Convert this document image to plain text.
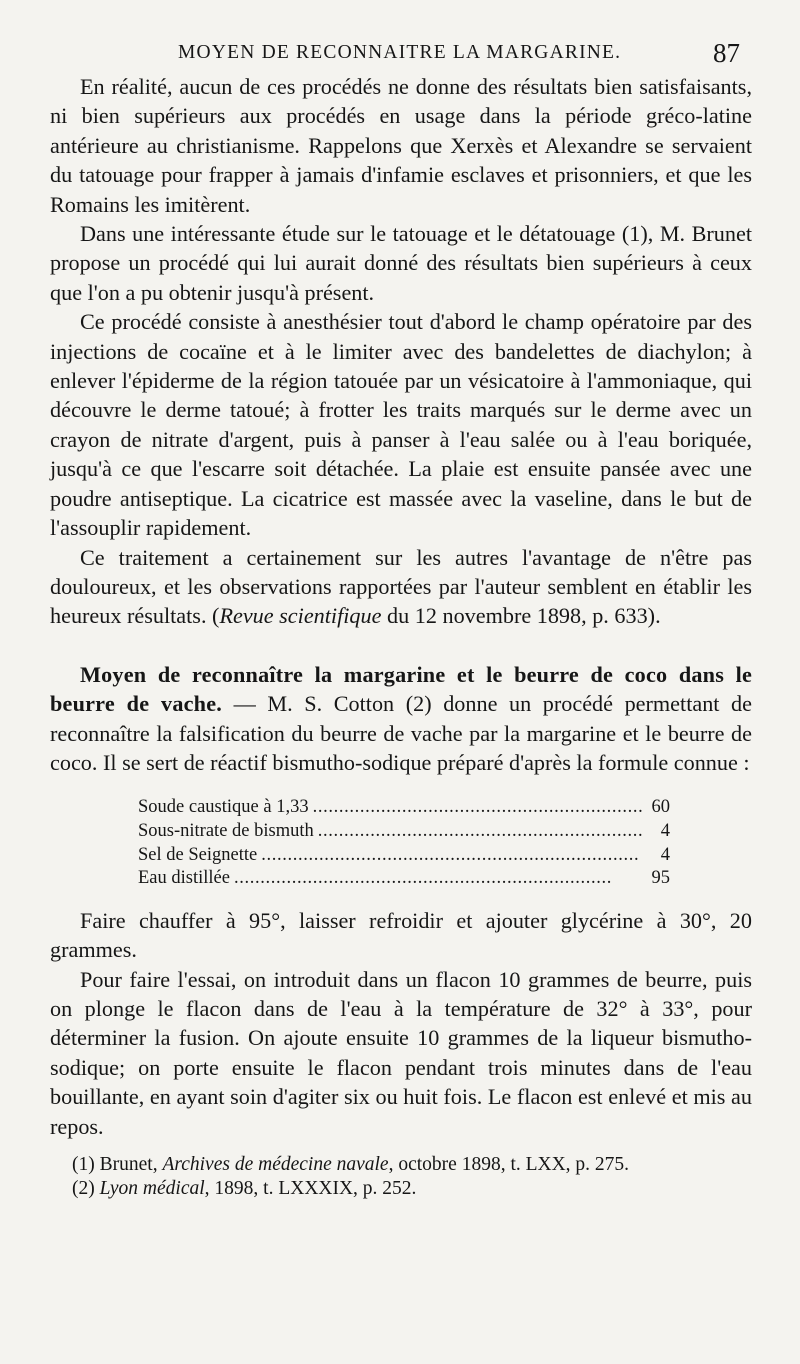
MOYEN DE RECONNAITRE LA MARGARINE.	87

En réalité, aucun de ces procédés ne donne des résultats bien satisfaisants, ni bien supérieurs aux procédés en usage dans la période gréco-latine antérieure au christianisme. Rappelons que Xerxès et Alexandre se servaient du tatouage pour frapper à jamais d'infamie esclaves et prisonniers, et que les Romains les imitèrent.

Dans une intéressante étude sur le tatouage et le détatouage (1), M. Brunet propose un procédé qui lui aurait donné des résultats bien supérieurs à ceux que l'on a pu obtenir jusqu'à présent.

Ce procédé consiste à anesthésier tout d'abord le champ opératoire par des injections de cocaïne et à le limiter avec des bandelettes de diachylon; à enlever l'épiderme de la région tatouée par un vésicatoire à l'ammoniaque, qui découvre le derme tatoué; à frotter les traits marqués sur le derme avec un crayon de nitrate d'argent, puis à panser à l'eau salée ou à l'eau boriquée, jusqu'à ce que l'escarre soit détachée. La plaie est ensuite pansée avec une poudre antiseptique. La cicatrice est massée avec la vaseline, dans le but de l'assouplir rapidement.

Ce traitement a certainement sur les autres l'avantage de n'être pas douloureux, et les observations rapportées par l'auteur semblent en établir les heureux résultats. (Revue scientifique du 12 novembre 1898, p. 633).

Moyen de reconnaître la margarine et le beurre de coco dans le beurre de vache. — M. S. Cotton (2) donne un procédé permettant de reconnaître la falsification du beurre de vache par la margarine et le beurre de coco. Il se sert de réactif bismutho-sodique préparé d'après la formule connue :

Soude caustique à 1,33 . . .	60
Sous-nitrate de bismuth . . .	4
Sel de Seignette . . .	4
Eau distillée . . .	95

Faire chauffer à 95°, laisser refroidir et ajouter glycérine à 30°, 20 grammes.

Pour faire l'essai, on introduit dans un flacon 10 grammes de beurre, puis on plonge le flacon dans de l'eau à la température de 32° à 33°, pour déterminer la fusion. On ajoute ensuite 10 grammes de la liqueur bismutho-sodique; on porte ensuite le flacon pendant trois minutes dans de l'eau bouillante, en ayant soin d'agiter six ou huit fois. Le flacon est enlevé et mis au repos.

(1) Brunet, Archives de médecine navale, octobre 1898, t. LXX, p. 275.

(2) Lyon médical, 1898, t. LXXXIX, p. 252.
